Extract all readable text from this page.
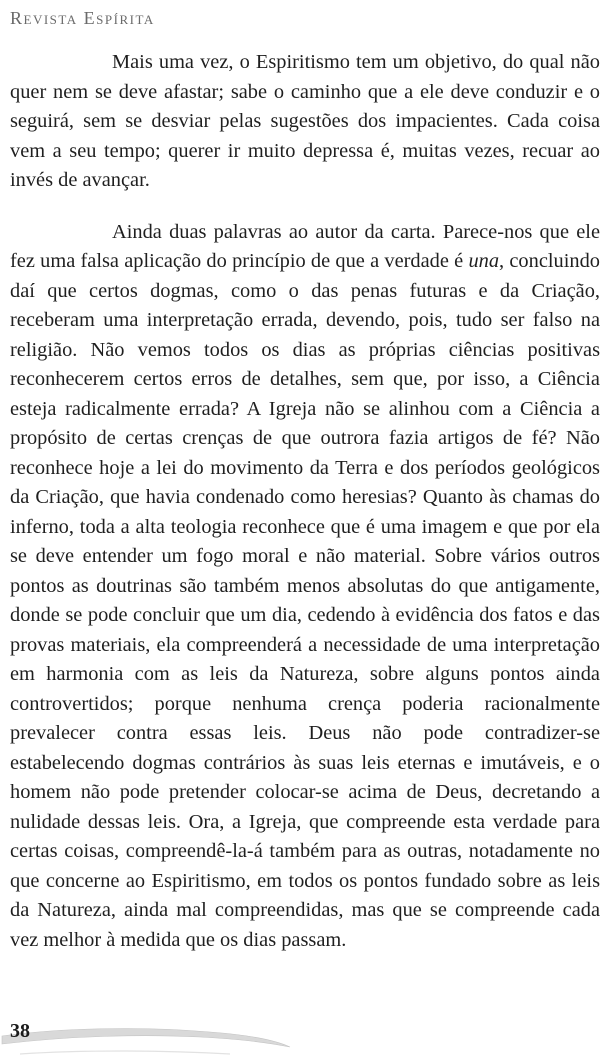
Revista Espírita

Mais uma vez, o Espiritismo tem um objetivo, do qual não quer nem se deve afastar; sabe o caminho que a ele deve conduzir e o seguirá, sem se desviar pelas sugestões dos impacientes. Cada coisa vem a seu tempo; querer ir muito depressa é, muitas vezes, recuar ao invés de avançar.

Ainda duas palavras ao autor da carta. Parece-nos que ele fez uma falsa aplicação do princípio de que a verdade é una, concluindo daí que certos dogmas, como o das penas futuras e da Criação, receberam uma interpretação errada, devendo, pois, tudo ser falso na religião. Não vemos todos os dias as próprias ciências positivas reconhecerem certos erros de detalhes, sem que, por isso, a Ciência esteja radicalmente errada? A Igreja não se alinhou com a Ciência a propósito de certas crenças de que outrora fazia artigos de fé? Não reconhece hoje a lei do movimento da Terra e dos períodos geológicos da Criação, que havia condenado como heresias? Quanto às chamas do inferno, toda a alta teologia reconhece que é uma imagem e que por ela se deve entender um fogo moral e não material. Sobre vários outros pontos as doutrinas são também menos absolutas do que antigamente, donde se pode concluir que um dia, cedendo à evidência dos fatos e das provas materiais, ela compreenderá a necessidade de uma interpretação em harmonia com as leis da Natureza, sobre alguns pontos ainda controvertidos; porque nenhuma crença poderia racionalmente prevalecer contra essas leis. Deus não pode contradizer-se estabelecendo dogmas contrários às suas leis eternas e imutáveis, e o homem não pode pretender colocar-se acima de Deus, decretando a nulidade dessas leis. Ora, a Igreja, que compreende esta verdade para certas coisas, compreendê-la-á também para as outras, notadamente no que concerne ao Espiritismo, em todos os pontos fundado sobre as leis da Natureza, ainda mal compreendidas, mas que se compreende cada vez melhor à medida que os dias passam.

38
